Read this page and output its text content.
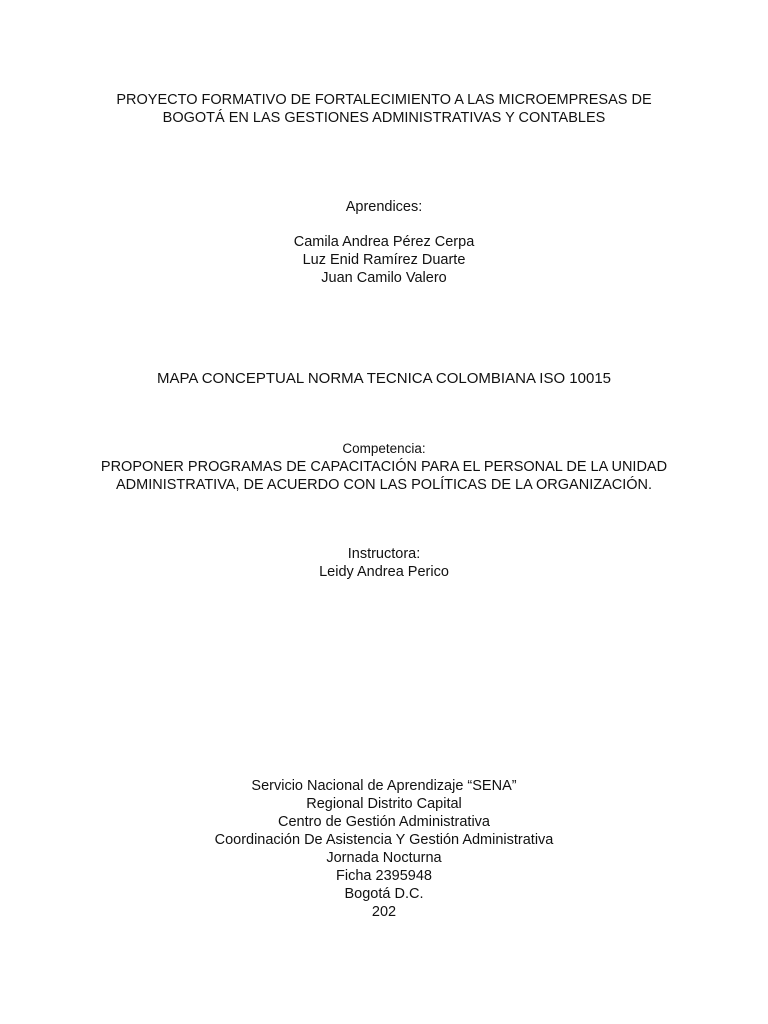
PROYECTO FORMATIVO DE FORTALECIMIENTO A LAS MICROEMPRESAS DE
BOGOTÁ EN LAS GESTIONES ADMINISTRATIVAS Y CONTABLES
Aprendices:
Camila Andrea Pérez Cerpa
Luz Enid Ramírez Duarte
Juan Camilo Valero
MAPA CONCEPTUAL NORMA TECNICA COLOMBIANA ISO 10015
Competencia:
PROPONER PROGRAMAS DE CAPACITACIÓN PARA EL PERSONAL DE LA UNIDAD
ADMINISTRATIVA, DE ACUERDO CON LAS POLÍTICAS DE LA ORGANIZACIÓN.
Instructora:
Leidy Andrea Perico
Servicio Nacional de Aprendizaje “SENA”
Regional Distrito Capital
Centro de Gestión Administrativa
Coordinación De Asistencia Y Gestión Administrativa
Jornada Nocturna
Ficha 2395948
Bogotá D.C.
202
